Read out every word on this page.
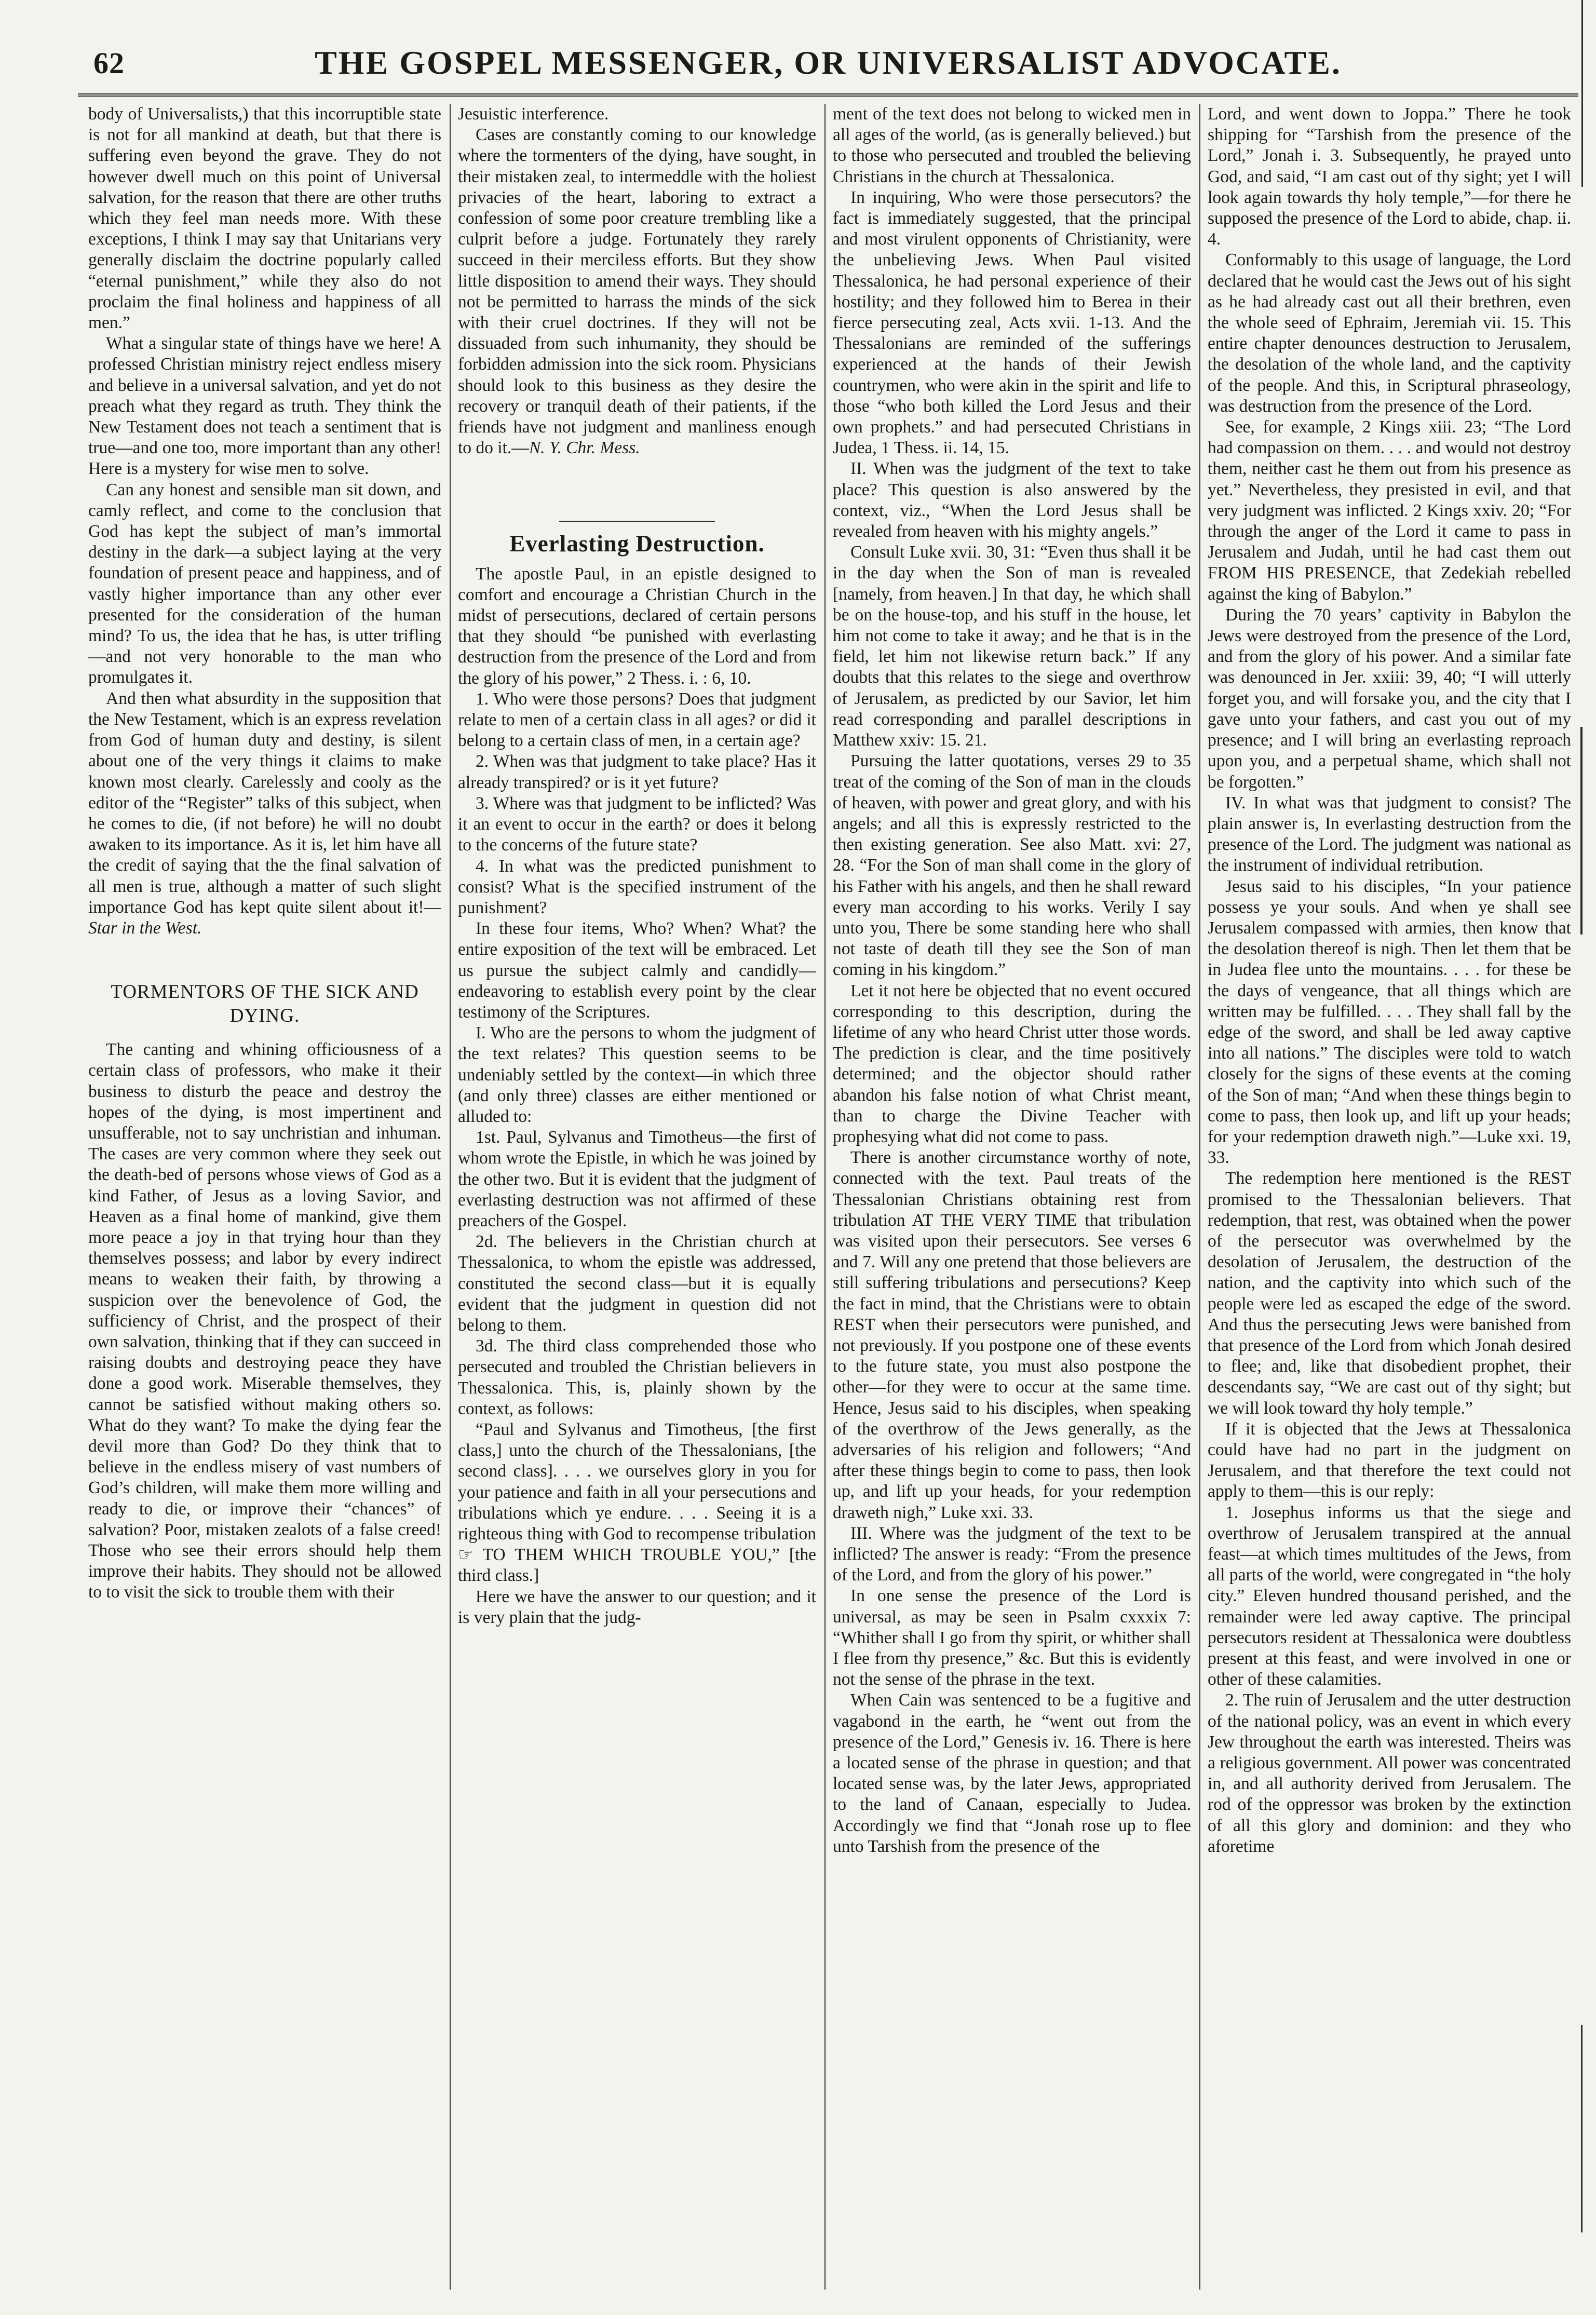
62	THE GOSPEL MESSENGER, OR UNIVERSALIST ADVOCATE.

body of Universalists,) that this incorruptible state is not for all mankind at death, but that there is suffering even beyond the grave. They do not however dwell much on this point of Universal salvation, for the reason that there are other truths which they feel man needs more. With these exceptions, I think I may say that Unitarians very generally disclaim the doctrine popularly called “eternal punishment,” while they also do not proclaim the final holiness and happiness of all men.”

What a singular state of things have we here! A professed Christian ministry reject endless misery and believe in a universal salvation, and yet do not preach what they regard as truth. They think the New Testament does not teach a sentiment that is true—and one too, more important than any other! Here is a mystery for wise men to solve.

Can any honest and sensible man sit down, and camly reflect, and come to the conclusion that God has kept the subject of man’s immortal destiny in the dark—a subject laying at the very foundation of present peace and happiness, and of vastly higher importance than any other ever presented for the consideration of the human mind? To us, the idea that he has, is utter trifling—and not very honorable to the man who promulgates it.

And then what absurdity in the supposition that the New Testament, which is an express revelation from God of human duty and destiny, is silent about one of the very things it claims to make known most clearly. Carelessly and cooly as the editor of the “Register” talks of this subject, when he comes to die, (if not before) he will no doubt awaken to its importance. As it is, let him have all the credit of saying that the the final salvation of all men is true, although a matter of such slight importance God has kept quite silent about it!—Star in the West.

TORMENTORS OF THE SICK AND DYING.

The canting and whining officiousness of a certain class of professors, who make it their business to disturb the peace and destroy the hopes of the dying, is most impertinent and unsufferable, not to say unchristian and inhuman. The cases are very common where they seek out the death-bed of persons whose views of God as a kind Father, of Jesus as a loving Savior, and Heaven as a final home of mankind, give them more peace a joy in that trying hour than they themselves possess; and labor by every indirect means to weaken their faith, by throwing a suspicion over the benevolence of God, the sufficiency of Christ, and the prospect of their own salvation, thinking that if they can succeed in raising doubts and destroying peace they have done a good work. Miserable themselves, they cannot be satisfied without making others so. What do they want? To make the dying fear the devil more than God? Do they think that to believe in the endless misery of vast numbers of God’s children, will make them more willing and ready to die, or improve their “chances” of salvation? Poor, mistaken zealots of a false creed! Those who see their errors should help them improve their habits. They should not be allowed to to visit the sick to trouble them with their

Jesuistic interference.

Cases are constantly coming to our knowledge where the tormenters of the dying, have sought, in their mistaken zeal, to intermeddle with the holiest privacies of the heart, laboring to extract a confession of some poor creature trembling like a culprit before a judge. Fortunately they rarely succeed in their merciless efforts. But they show little disposition to amend their ways. They should not be permitted to harrass the minds of the sick with their cruel doctrines. If they will not be dissuaded from such inhumanity, they should be forbidden admission into the sick room. Physicians should look to this business as they desire the recovery or tranquil death of their patients, if the friends have not judgment and manliness enough to do it.—N. Y. Chr. Mess.

Everlasting Destruction.

The apostle Paul, in an epistle designed to comfort and encourage a Christian Church in the midst of persecutions, declared of certain persons that they should “be punished with everlasting destruction from the presence of the Lord and from the glory of his power,” 2 Thess. i. : 6, 10.

1. Who were those persons? Does that judgment relate to men of a certain class in all ages? or did it belong to a certain class of men, in a certain age?

2. When was that judgment to take place? Has it already transpired? or is it yet future?

3. Where was that judgment to be inflicted? Was it an event to occur in the earth? or does it belong to the concerns of the future state?

4. In what was the predicted punishment to consist? What is the specified instrument of the punishment?

In these four items, Who? When? What? the entire exposition of the text will be embraced. Let us pursue the subject calmly and candidly—endeavoring to establish every point by the clear testimony of the Scriptures.

I. Who are the persons to whom the judgment of the text relates? This question seems to be undeniably settled by the context—in which three (and only three) classes are either mentioned or alluded to:

1st. Paul, Sylvanus and Timotheus—the first of whom wrote the Epistle, in which he was joined by the other two. But it is evident that the judgment of everlasting destruction was not affirmed of these preachers of the Gospel.

2d. The believers in the Christian church at Thessalonica, to whom the epistle was addressed, constituted the second class—but it is equally evident that the judgment in question did not belong to them.

3d. The third class comprehended those who persecuted and troubled the Christian believers in Thessalonica. This, is, plainly shown by the context, as follows:

“Paul and Sylvanus and Timotheus, [the first class,] unto the church of the Thessalonians, [the second class]. . . . we ourselves glory in you for your patience and faith in all your persecutions and tribulations which ye endure. . . . Seeing it is a righteous thing with God to recompense tribulation ☞ TO THEM WHICH TROUBLE YOU,” [the third class.]

Here we have the answer to our question; and it is very plain that the judg-

ment of the text does not belong to wicked men in all ages of the world, (as is generally believed.) but to those who persecuted and troubled the believing Christians in the church at Thessalonica.

In inquiring, Who were those persecutors? the fact is immediately suggested, that the principal and most virulent opponents of Christianity, were the unbelieving Jews. When Paul visited Thessalonica, he had personal experience of their hostility; and they followed him to Berea in their fierce persecuting zeal, Acts xvii. 1-13. And the Thessalonians are reminded of the sufferings experienced at the hands of their Jewish countrymen, who were akin in the spirit and life to those “who both killed the Lord Jesus and their own prophets.” and had persecuted Christians in Judea, 1 Thess. ii. 14, 15.

II. When was the judgment of the text to take place? This question is also answered by the context, viz., “When the Lord Jesus shall be revealed from heaven with his mighty angels.”

Consult Luke xvii. 30, 31: “Even thus shall it be in the day when the Son of man is revealed [namely, from heaven.] In that day, he which shall be on the house-top, and his stuff in the house, let him not come to take it away; and he that is in the field, let him not likewise return back.” If any doubts that this relates to the siege and overthrow of Jerusalem, as predicted by our Savior, let him read corresponding and parallel descriptions in Matthew xxiv: 15. 21.

Pursuing the latter quotations, verses 29 to 35 treat of the coming of the Son of man in the clouds of heaven, with power and great glory, and with his angels; and all this is expressly restricted to the then existing generation. See also Matt. xvi: 27, 28. “For the Son of man shall come in the glory of his Father with his angels, and then he shall reward every man according to his works. Verily I say unto you, There be some standing here who shall not taste of death till they see the Son of man coming in his kingdom.”

Let it not here be objected that no event occured corresponding to this description, during the lifetime of any who heard Christ utter those words. The prediction is clear, and the time positively determined; and the objector should rather abandon his false notion of what Christ meant, than to charge the Divine Teacher with prophesying what did not come to pass.

There is another circumstance worthy of note, connected with the text. Paul treats of the Thessalonian Christians obtaining rest from tribulation AT THE VERY TIME that tribulation was visited upon their persecutors. See verses 6 and 7. Will any one pretend that those believers are still suffering tribulations and persecutions? Keep the fact in mind, that the Christians were to obtain REST when their persecutors were punished, and not previously. If you postpone one of these events to the future state, you must also postpone the other—for they were to occur at the same time. Hence, Jesus said to his disciples, when speaking of the overthrow of the Jews generally, as the adversaries of his religion and followers; “And after these things begin to come to pass, then look up, and lift up your heads, for your redemption draweth nigh,” Luke xxi. 33.

III. Where was the judgment of the text to be inflicted? The answer is ready: “From the presence of the Lord, and from the glory of his power.”

In one sense the presence of the Lord is universal, as may be seen in Psalm cxxxix 7: “Whither shall I go from thy spirit, or whither shall I flee from thy presence,” &c. But this is evidently not the sense of the phrase in the text.

When Cain was sentenced to be a fugitive and vagabond in the earth, he “went out from the presence of the Lord,” Genesis iv. 16. There is here a located sense of the phrase in question; and that located sense was, by the later Jews, appropriated to the land of Canaan, especially to Judea. Accordingly we find that “Jonah rose up to flee unto Tarshish from the presence of the

Lord, and went down to Joppa.” There he took shipping for “Tarshish from the presence of the Lord,” Jonah i. 3. Subsequently, he prayed unto God, and said, “I am cast out of thy sight; yet I will look again towards thy holy temple,”—for there he supposed the presence of the Lord to abide, chap. ii. 4.

Conformably to this usage of language, the Lord declared that he would cast the Jews out of his sight as he had already cast out all their brethren, even the whole seed of Ephraim, Jeremiah vii. 15. This entire chapter denounces destruction to Jerusalem, the desolation of the whole land, and the captivity of the people. And this, in Scriptural phraseology, was destruction from the presence of the Lord.

See, for example, 2 Kings xiii. 23; “The Lord had compassion on them. . . . and would not destroy them, neither cast he them out from his presence as yet.” Nevertheless, they presisted in evil, and that very judgment was inflicted. 2 Kings xxiv. 20; “For through the anger of the Lord it came to pass in Jerusalem and Judah, until he had cast them out FROM HIS PRESENCE, that Zedekiah rebelled against the king of Babylon.”

During the 70 years’ captivity in Babylon the Jews were destroyed from the presence of the Lord, and from the glory of his power. And a similar fate was denounced in Jer. xxiii: 39, 40; “I will utterly forget you, and will forsake you, and the city that I gave unto your fathers, and cast you out of my presence; and I will bring an everlasting reproach upon you, and a perpetual shame, which shall not be forgotten.”

IV. In what was that judgment to consist? The plain answer is, In everlasting destruction from the presence of the Lord. The judgment was national as the instrument of individual retribution.

Jesus said to his disciples, “In your patience possess ye your souls. And when ye shall see Jerusalem compassed with armies, then know that the desolation thereof is nigh. Then let them that be in Judea flee unto the mountains. . . . for these be the days of vengeance, that all things which are written may be fulfilled. . . . They shall fall by the edge of the sword, and shall be led away captive into all nations.” The disciples were told to watch closely for the signs of these events at the coming of the Son of man; “And when these things begin to come to pass, then look up, and lift up your heads; for your redemption draweth nigh.”—Luke xxi. 19, 33.

The redemption here mentioned is the REST promised to the Thessalonian believers. That redemption, that rest, was obtained when the power of the persecutor was overwhelmed by the desolation of Jerusalem, the destruction of the nation, and the captivity into which such of the people were led as escaped the edge of the sword. And thus the persecuting Jews were banished from that presence of the Lord from which Jonah desired to flee; and, like that disobedient prophet, their descendants say, “We are cast out of thy sight; but we will look toward thy holy temple.”

If it is objected that the Jews at Thessalonica could have had no part in the judgment on Jerusalem, and that therefore the text could not apply to them—this is our reply:

1. Josephus informs us that the siege and overthrow of Jerusalem transpired at the annual feast—at which times multitudes of the Jews, from all parts of the world, were congregated in “the holy city.” Eleven hundred thousand perished, and the remainder were led away captive. The principal persecutors resident at Thessalonica were doubtless present at this feast, and were involved in one or other of these calamities.

2. The ruin of Jerusalem and the utter destruction of the national policy, was an event in which every Jew throughout the earth was interested. Theirs was a religious government. All power was concentrated in, and all authority derived from Jerusalem. The rod of the oppressor was broken by the extinction of all this glory and dominion: and they who aforetime
